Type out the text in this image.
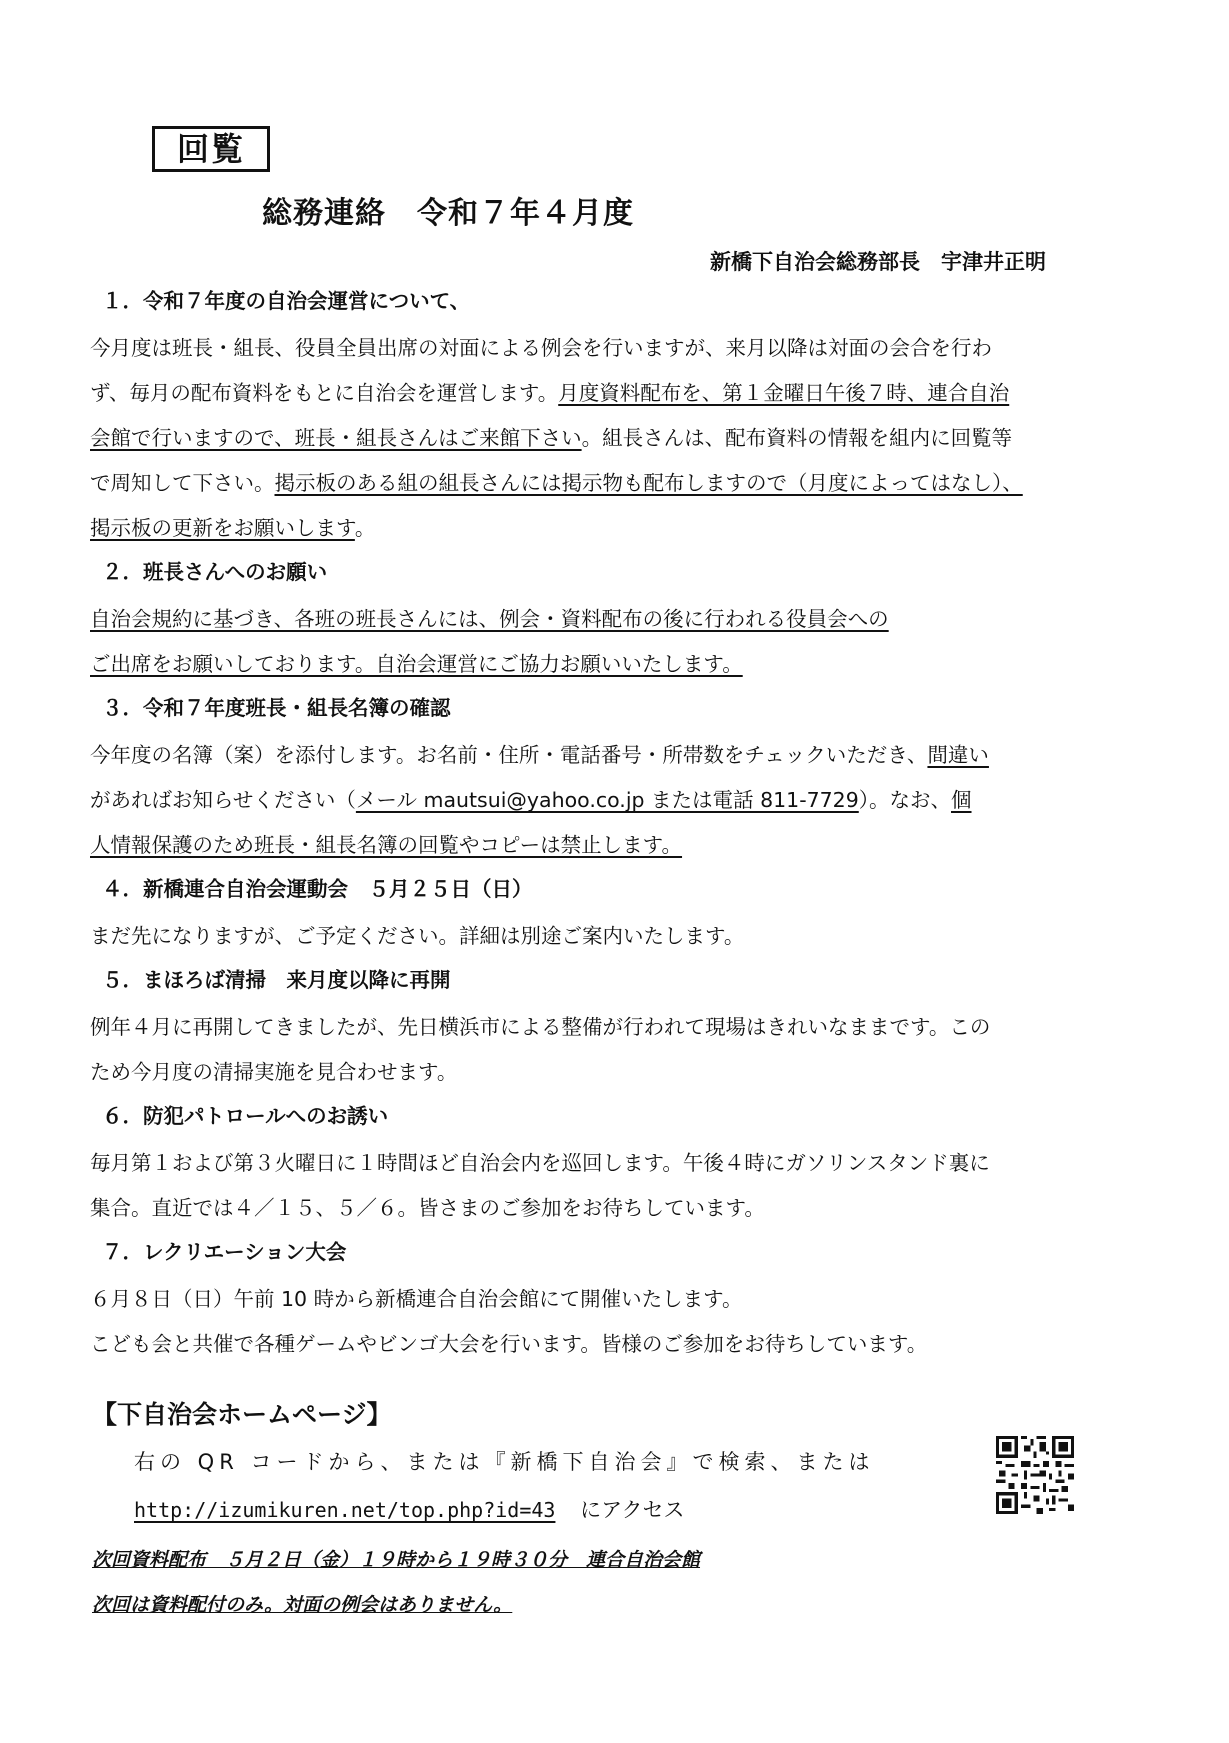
回覧
総務連絡　令和７年４月度
新橋下自治会総務部長　宇津井正明
１．令和７年度の自治会運営について、
今月度は班長・組長、役員全員出席の対面による例会を行いますが、来月以降は対面の会合を行わ
ず、毎月の配布資料をもとに自治会を運営します。月度資料配布を、第１金曜日午後７時、連合自治
会館で行いますので、班長・組長さんはご来館下さい。組長さんは、配布資料の情報を組内に回覧等
で周知して下さい。掲示板のある組の組長さんには掲示物も配布しますので（月度によってはなし）、
掲示板の更新をお願いします。
２．班長さんへのお願い
自治会規約に基づき、各班の班長さんには、例会・資料配布の後に行われる役員会への
ご出席をお願いしております。自治会運営にご協力お願いいたします。
３．令和７年度班長・組長名簿の確認
今年度の名簿（案）を添付します。お名前・住所・電話番号・所帯数をチェックいただき、間違い
があればお知らせください（メール mautsui@yahoo.co.jp または電話 811-7729）。なお、個
人情報保護のため班長・組長名簿の回覧やコピーは禁止します。
４．新橋連合自治会運動会　５月２５日（日）
まだ先になりますが、ご予定ください。詳細は別途ご案内いたします。
５．まほろば清掃　来月度以降に再開
例年４月に再開してきましたが、先日横浜市による整備が行われて現場はきれいなままです。この
ため今月度の清掃実施を見合わせます。
６．防犯パトロールへのお誘い
毎月第１および第３火曜日に１時間ほど自治会内を巡回します。午後４時にガソリンスタンド裏に
集合。直近では４／１５、５／６。皆さまのご参加をお待ちしています。
７．レクリエーション大会
６月８日（日）午前 10 時から新橋連合自治会館にて開催いたします。
こども会と共催で各種ゲームやビンゴ大会を行います。皆様のご参加をお待ちしています。
【下自治会ホームページ】
右の QR コードから、または『新橋下自治会』で検索、または
http://izumikuren.net/top.php?id=43 にアクセス
次回資料配布　５月２日（金）１９時から１９時３０分　連合自治会館
次回は資料配付のみ。対面の例会はありません。
